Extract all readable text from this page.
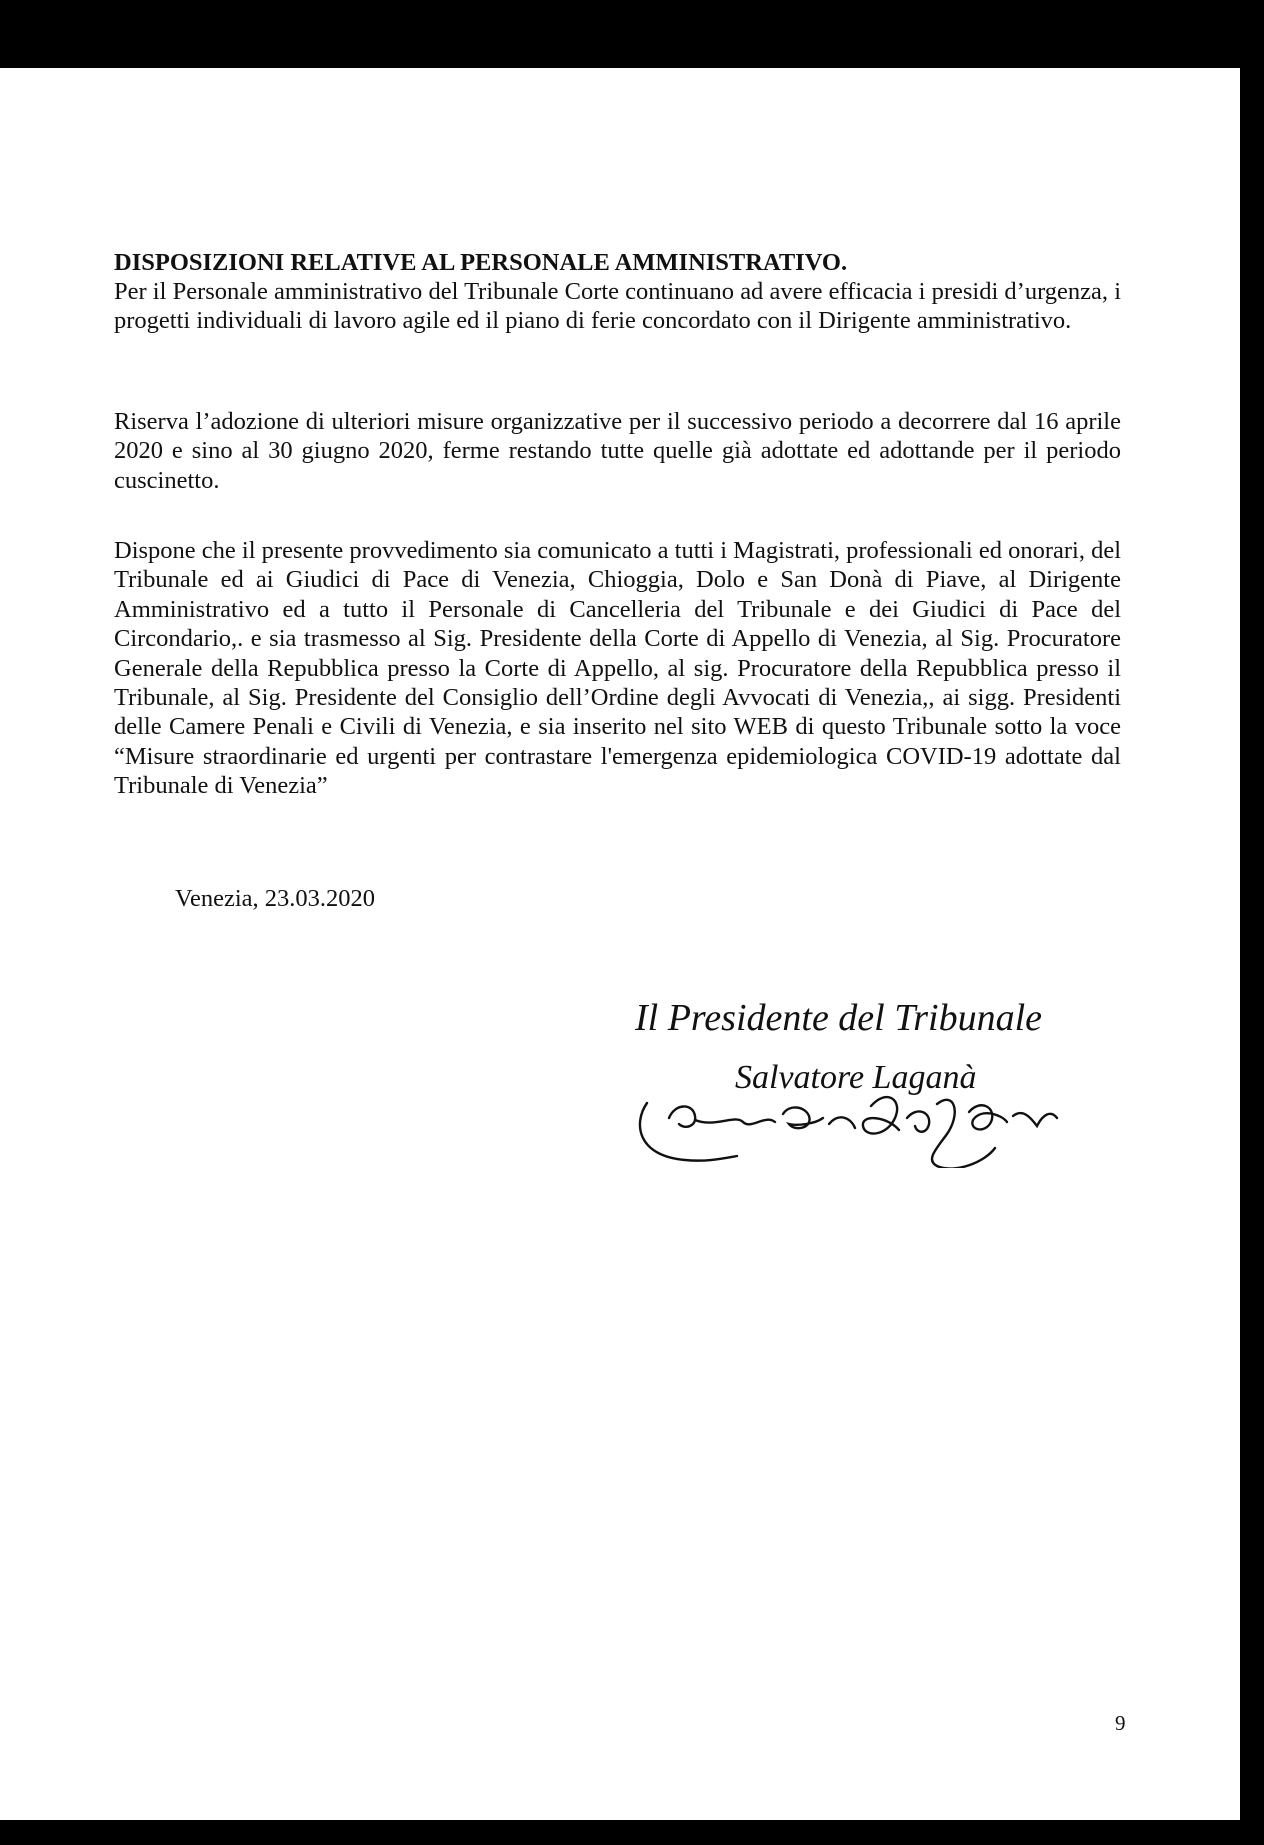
DISPOSIZIONI RELATIVE AL PERSONALE AMMINISTRATIVO.

Per il Personale amministrativo del Tribunale Corte continuano ad avere efficacia i presidi d’urgenza, i progetti individuali di lavoro agile ed il piano di ferie concordato con il Dirigente amministrativo.

Riserva l’adozione di ulteriori misure organizzative per il successivo periodo a decorrere dal 16 aprile 2020 e sino al 30 giugno 2020, ferme restando tutte quelle già adottate ed adottande per il periodo cuscinetto.

Dispone che il presente provvedimento sia comunicato a tutti i Magistrati, professionali ed onorari, del Tribunale ed ai Giudici di Pace di Venezia, Chioggia, Dolo e San Donà di Piave, al Dirigente Amministrativo ed a tutto il Personale di Cancelleria del Tribunale e dei Giudici di Pace del Circondario,. e sia trasmesso al Sig. Presidente della Corte di Appello di Venezia, al Sig. Procuratore Generale della Repubblica presso la Corte di Appello, al sig. Procuratore della Repubblica presso il Tribunale, al Sig. Presidente del Consiglio dell’Ordine degli Avvocati di Venezia,, ai sigg. Presidenti delle Camere Penali e Civili di Venezia, e sia inserito nel sito WEB di questo Tribunale sotto la voce “Misure straordinarie ed urgenti per contrastare l'emergenza epidemiologica COVID-19 adottate dal Tribunale di Venezia”

Venezia, 23.03.2020

Il Presidente del Tribunale
Salvatore Laganà

9
